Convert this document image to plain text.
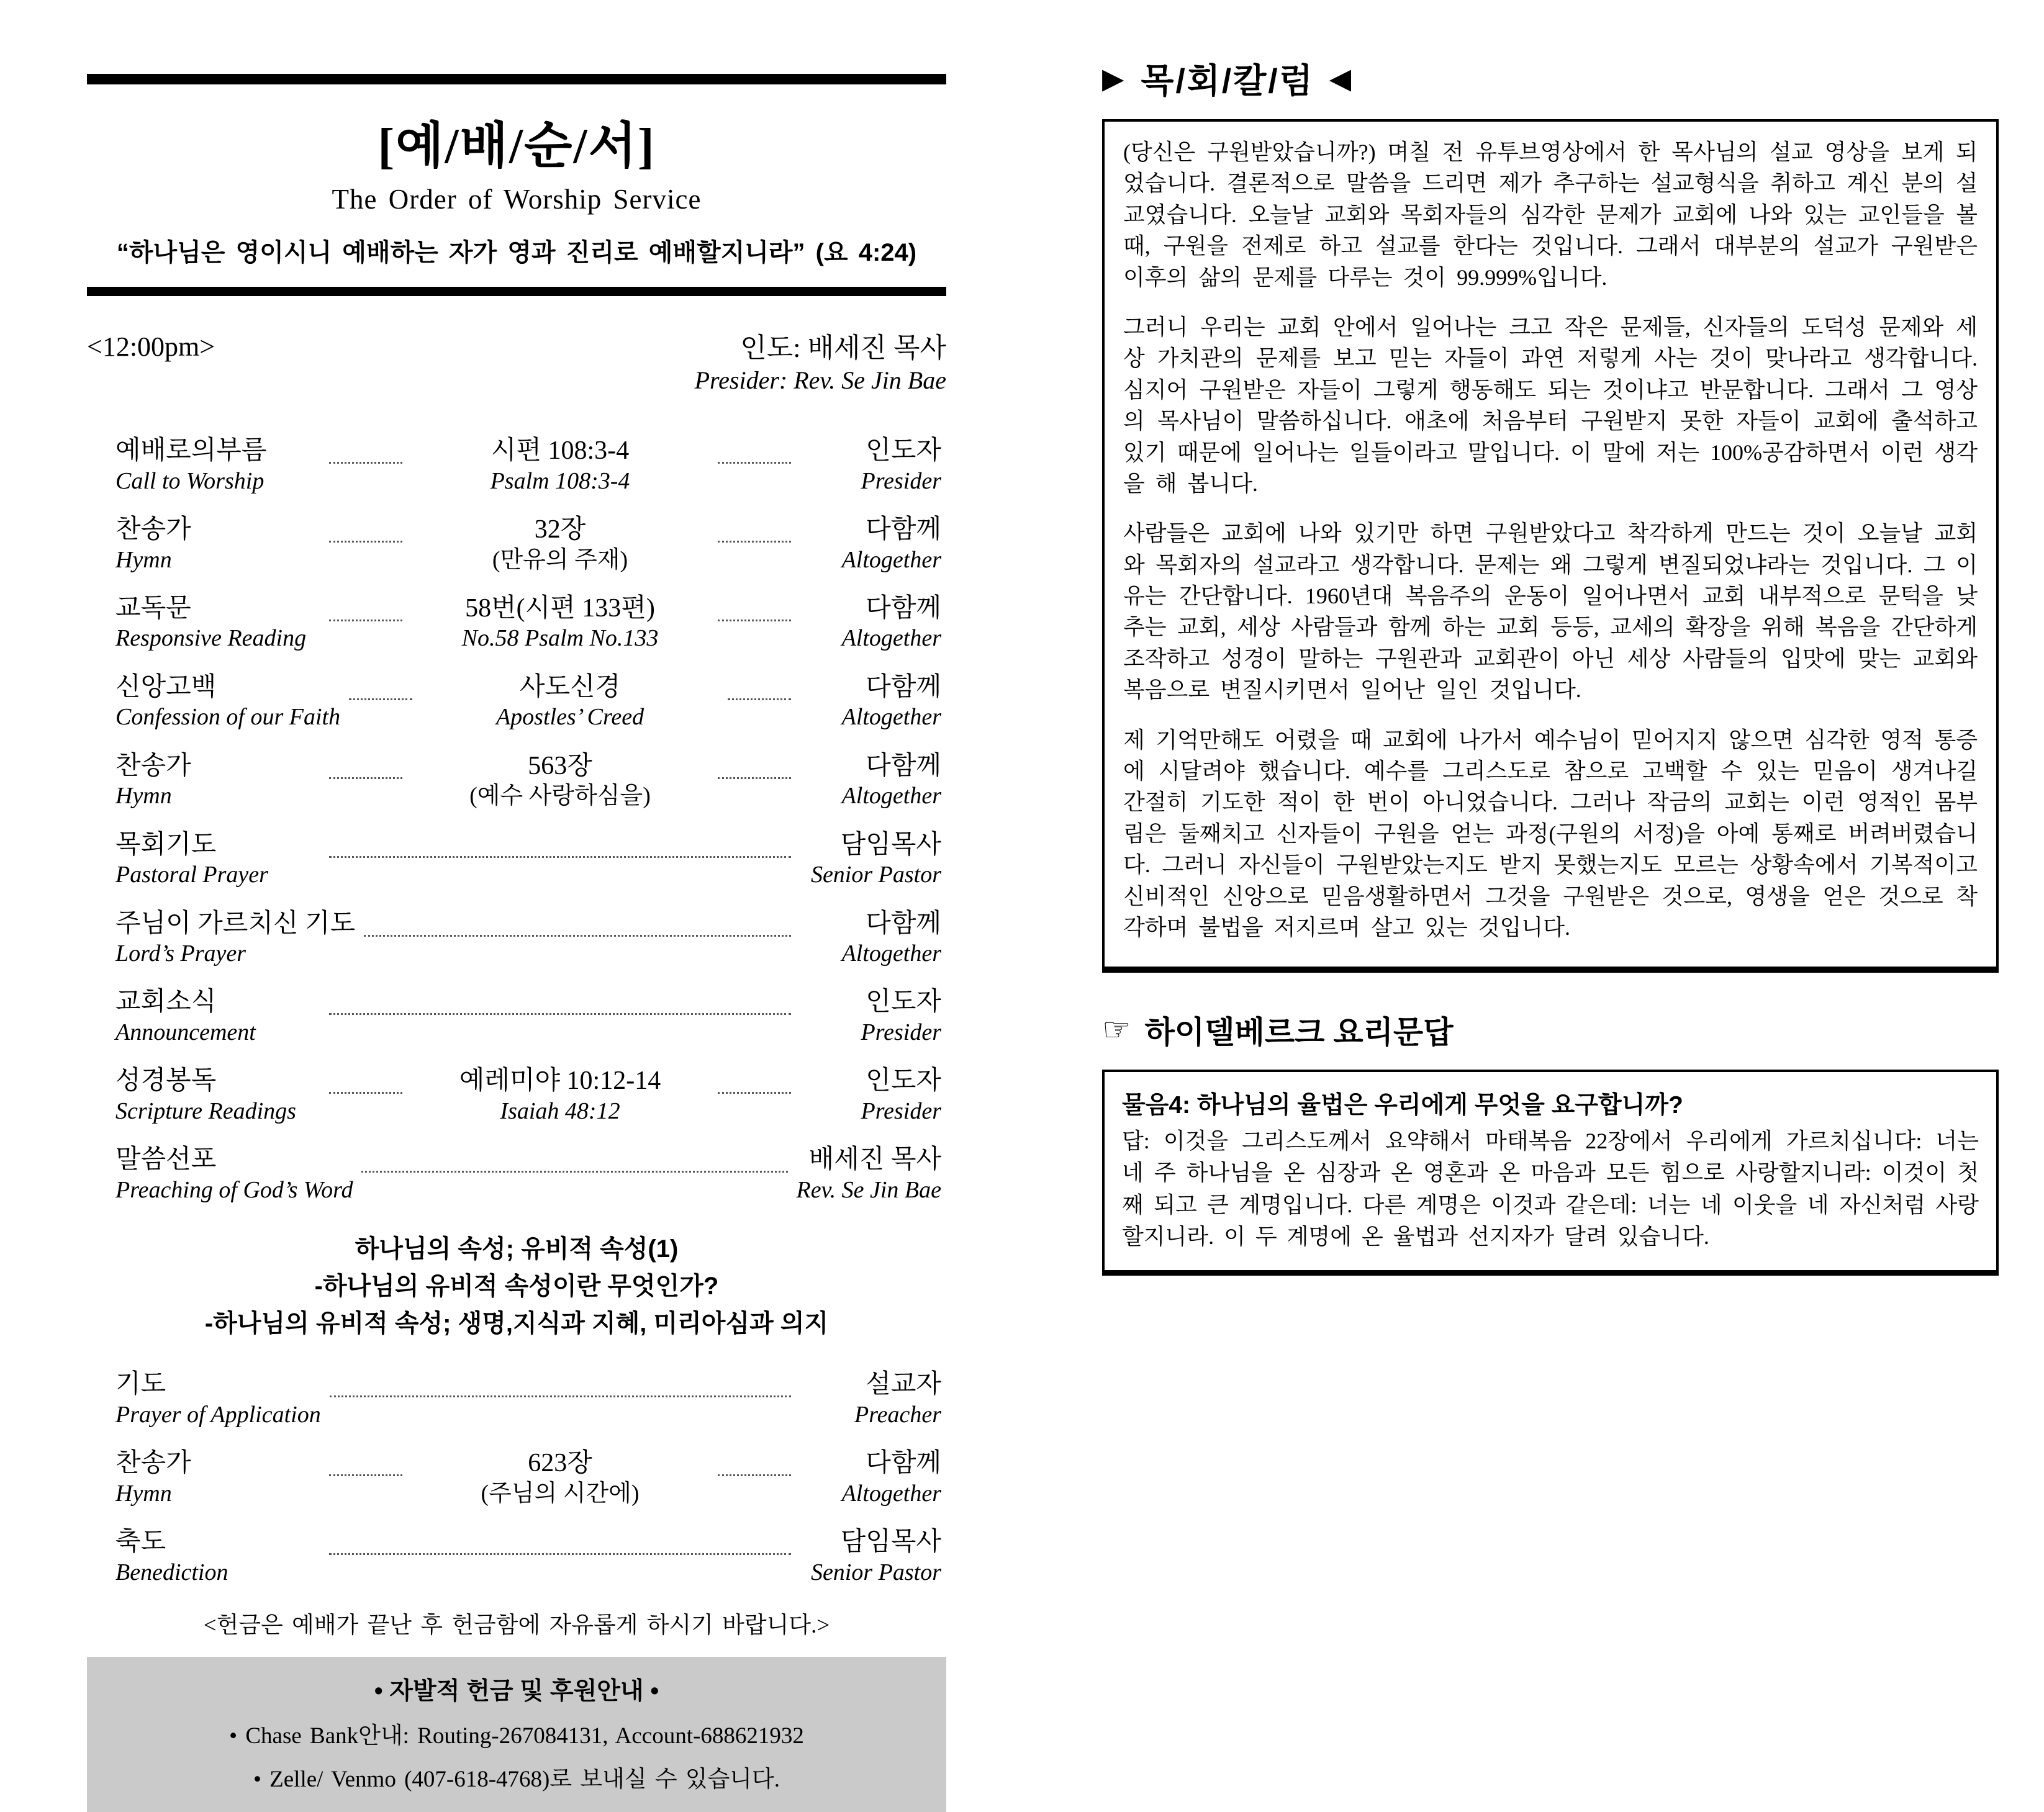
[예/배/순/서]
The Order of Worship Service
“하나님은 영이시니 예배하는 자가 영과 진리로 예배할지니라” (요 4:24)
<12:00pm>	인도: 배세진 목사
Presider: Rev. Se Jin Bae
예배로의부름
Call to Worship
시편 108:3-4
Psalm 108:3-4
인도자
Presider
찬송가
Hymn
32장
(만유의 주재)
다함께
Altogether
교독문
Responsive Reading
58번(시편 133편)
No.58 Psalm No.133
다함께
Altogether
신앙고백
Confession of our Faith
사도신경
Apostles’ Creed
다함께
Altogether
찬송가
Hymn
563장
(예수 사랑하심을)
다함께
Altogether
목회기도
Pastoral Prayer
담임목사
Senior Pastor
주님이 가르치신 기도
Lord’s Prayer
다함께
Altogether
교회소식
Announcement
인도자
Presider
성경봉독
Scripture Readings
예레미야 10:12-14
Isaiah 48:12
인도자
Presider
말씀선포
Preaching of God’s Word
배세진 목사
Rev. Se Jin Bae
하나님의 속성; 유비적 속성(1)
-하나님의 유비적 속성이란 무엇인가?
-하나님의 유비적 속성; 생명,지식과 지혜, 미리아심과 의지
기도
Prayer of Application
설교자
Preacher
찬송가
Hymn
623장
(주님의 시간에)
다함께
Altogether
축도
Benediction
담임목사
Senior Pastor
<헌금은 예배가 끝난 후 헌금함에 자유롭게 하시기 바랍니다.>
• 자발적 헌금 및 후원안내 •
• Chase Bank안내: Routing-267084131, Account-688621932
• Zelle/ Venmo (407-618-4768)로 보내실 수 있습니다.
▶ 목/회/칼/럼 ◀

(당신은 구원받았습니까?) 며칠 전 유투브영상에서 한 목사님의 설교 영상을 보게 되었습니다. 결론적으로 말씀을 드리면 제가 추구하는 설교형식을 취하고 계신 분의 설교였습니다. 오늘날 교회와 목회자들의 심각한 문제가 교회에 나와 있는 교인들을 볼 때, 구원을 전제로 하고 설교를 한다는 것입니다. 그래서 대부분의 설교가 구원받은 이후의 삶의 문제를 다루는 것이 99.999%입니다.

그러니 우리는 교회 안에서 일어나는 크고 작은 문제들, 신자들의 도덕성 문제와 세상 가치관의 문제를 보고 믿는 자들이 과연 저렇게 사는 것이 맞나라고 생각합니다. 심지어 구원받은 자들이 그렇게 행동해도 되는 것이냐고 반문합니다. 그래서 그 영상의 목사님이 말씀하십니다. 애초에 처음부터 구원받지 못한 자들이 교회에 출석하고 있기 때문에 일어나는 일들이라고 말입니다. 이 말에 저는 100%공감하면서 이런 생각을 해 봅니다.

사람들은 교회에 나와 있기만 하면 구원받았다고 착각하게 만드는 것이 오늘날 교회와 목회자의 설교라고 생각합니다. 문제는 왜 그렇게 변질되었냐라는 것입니다. 그 이유는 간단합니다. 1960년대 복음주의 운동이 일어나면서 교회 내부적으로 문턱을 낮추는 교회, 세상 사람들과 함께 하는 교회 등등, 교세의 확장을 위해 복음을 간단하게 조작하고 성경이 말하는 구원관과 교회관이 아닌 세상 사람들의 입맛에 맞는 교회와 복음으로 변질시키면서 일어난 일인 것입니다.

제 기억만해도 어렸을 때 교회에 나가서 예수님이 믿어지지 않으면 심각한 영적 통증에 시달려야 했습니다. 예수를 그리스도로 참으로 고백할 수 있는 믿음이 생겨나길 간절히 기도한 적이 한 번이 아니었습니다. 그러나 작금의 교회는 이런 영적인 몸부림은 둘째치고 신자들이 구원을 얻는 과정(구원의 서정)을 아예 통째로 버려버렸습니다. 그러니 자신들이 구원받았는지도 받지 못했는지도 모르는 상황속에서 기복적이고 신비적인 신앙으로 믿음생활하면서 그것을 구원받은 것으로, 영생을 얻은 것으로 착각하며 불법을 저지르며 살고 있는 것입니다.

☞ 하이델베르크 요리문답
물음4: 하나님의 율법은 우리에게 무엇을 요구합니까?
답: 이것을 그리스도께서 요약해서 마태복음 22장에서 우리에게 가르치십니다: 너는 네 주 하나님을 온 심장과 온 영혼과 온 마음과 모든 힘으로 사랑할지니라: 이것이 첫째 되고 큰 계명입니다. 다른 계명은 이것과 같은데: 너는 네 이웃을 네 자신처럼 사랑할지니라. 이 두 계명에 온 율법과 선지자가 달려 있습니다.
